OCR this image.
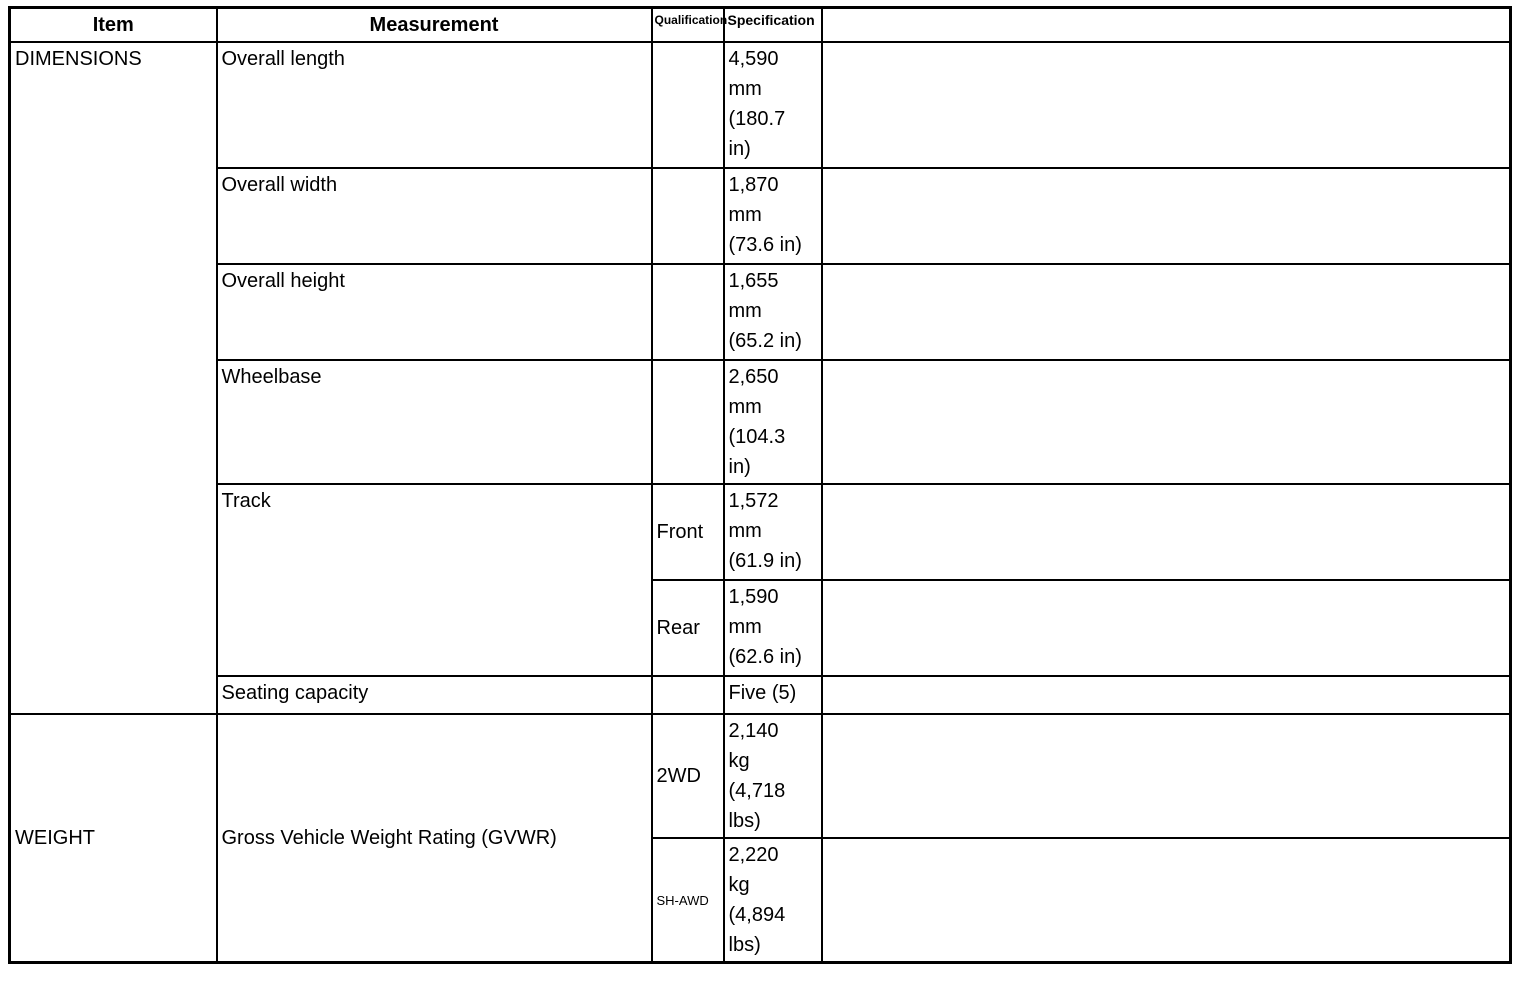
Item	Measurement	Qualification	Specification	
DIMENSIONS	Overall length		4,590 mm (180.7 in)	
	Overall width		1,870 mm (73.6 in)	
	Overall height		1,655 mm (65.2 in)	
	Wheelbase		2,650 mm (104.3 in)	
	Track	Front	1,572 mm (61.9 in)	
		Rear	1,590 mm (62.6 in)	
	Seating capacity		Five (5)	
WEIGHT	Gross Vehicle Weight Rating (GVWR)	2WD	2,140 kg (4,718 lbs)	
		SH-AWD	2,220 kg (4,894 lbs)	
